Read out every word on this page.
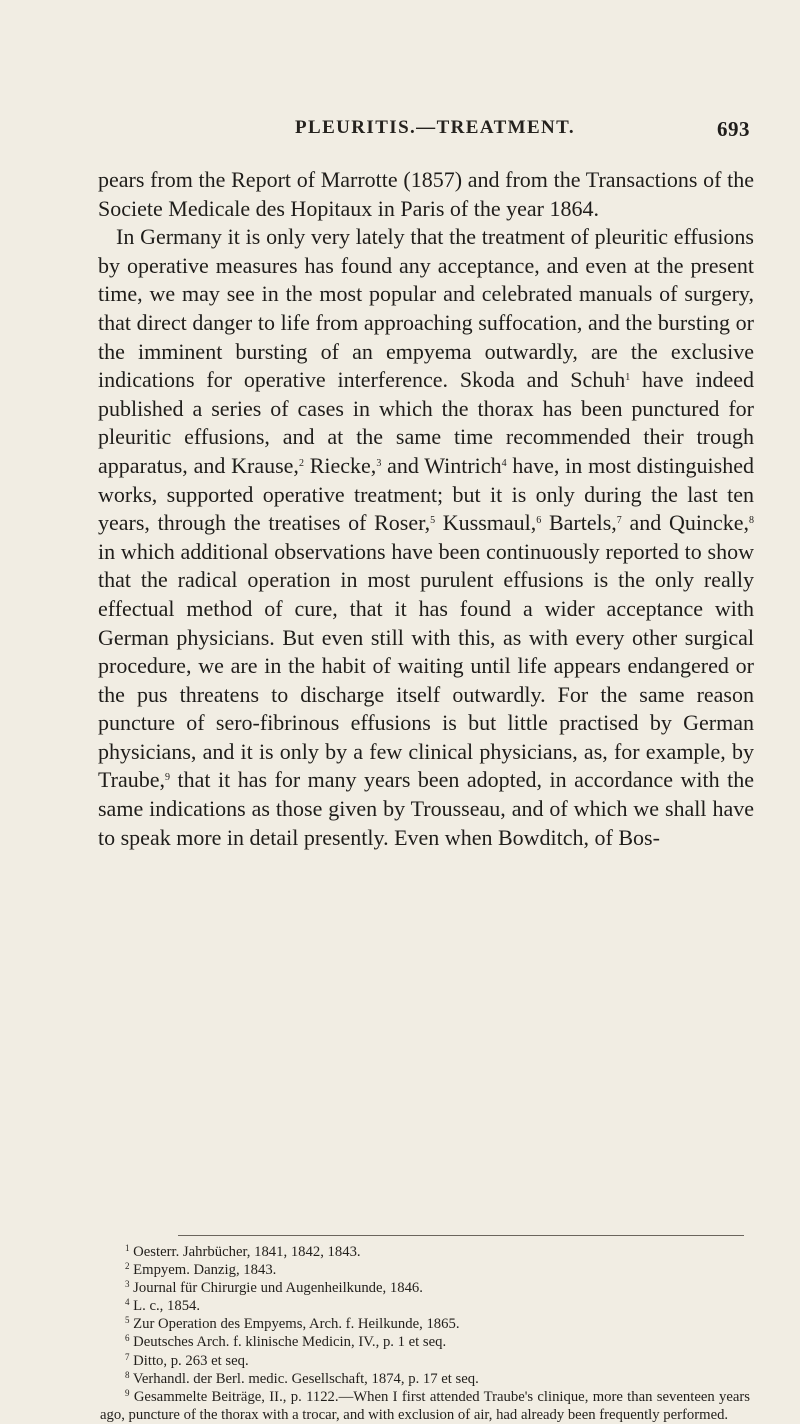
PLEURITIS.—TREATMENT.	693

pears from the Report of Marrotte (1857) and from the Transactions of the Societe Medicale des Hopitaux in Paris of the year 1864.

In Germany it is only very lately that the treatment of pleuritic effusions by operative measures has found any acceptance, and even at the present time, we may see in the most popular and celebrated manuals of surgery, that direct danger to life from approaching suffocation, and the bursting or the imminent bursting of an empyema outwardly, are the exclusive indications for operative interference. Skoda and Schuh$^1$ have indeed published a series of cases in which the thorax has been punctured for pleuritic effusions, and at the same time recommended their trough apparatus, and Krause,$^2$ Riecke,$^3$ and Wintrich$^4$ have, in most distinguished works, supported operative treatment; but it is only during the last ten years, through the treatises of Roser,$^5$ Kussmaul,$^6$ Bartels,$^7$ and Quincke,$^8$ in which additional observations have been continuously reported to show that the radical operation in most purulent effusions is the only really effectual method of cure, that it has found a wider acceptance with German physicians. But even still with this, as with every other surgical procedure, we are in the habit of waiting until life appears endangered or the pus threatens to discharge itself outwardly. For the same reason puncture of sero-fibrinous effusions is but little practised by German physicians, and it is only by a few clinical physicians, as, for example, by Traube,$^9$ that it has for many years been adopted, in accordance with the same indications as those given by Trousseau, and of which we shall have to speak more in detail presently. Even when Bowditch, of Bos-

$^1$ Oesterr. Jahrbücher, 1841, 1842, 1843.

$^2$ Empyem. Danzig, 1843.

$^3$ Journal für Chirurgie und Augenheilkunde, 1846.

$^4$ L. c., 1854.

$^5$ Zur Operation des Empyems, Arch. f. Heilkunde, 1865.

$^6$ Deutsches Arch. f. klinische Medicin, IV., p. 1 et seq.

$^7$ Ditto, p. 263 et seq.

$^8$ Verhandl. der Berl. medic. Gesellschaft, 1874, p. 17 et seq.

$^9$ Gesammelte Beiträge, II., p. 1122.—When I first attended Traube's clinique, more than seventeen years ago, puncture of the thorax with a trocar, and with exclusion of air, had already been frequently performed.
